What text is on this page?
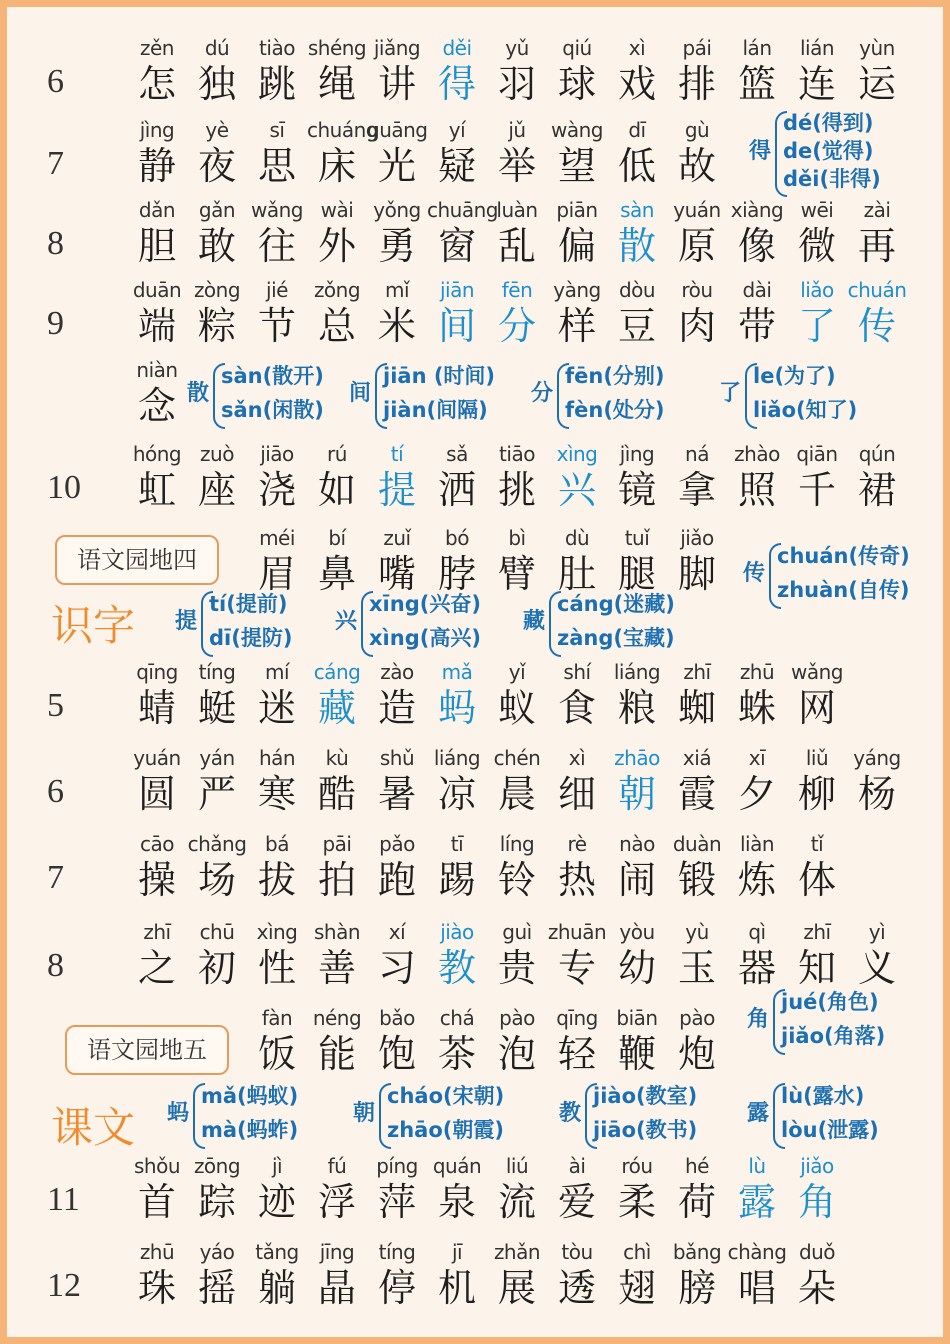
语文园地四
识字
语文园地五
课文
6
zěn
怎
dú
独
tiào
跳
shéng
绳
jiǎng
讲
děi
得
yǔ
羽
qiú
球
xì
戏
pái
排
lán
篮
lián
连
yùn
运
7
jìng
静
yè
夜
sī
思
chuáng
床
guāng
光
yí
疑
jǔ
举
wàng
望
dī
低
gù
故
8
dǎn
胆
gǎn
敢
wǎng
往
wài
外
yǒng
勇
chuāng
窗
luàn
乱
piān
偏
sàn
散
yuán
原
xiàng
像
wēi
微
zài
再
9
duān
端
zòng
粽
jié
节
zǒng
总
mǐ
米
jiān
间
fēn
分
yàng
样
dòu
豆
ròu
肉
dài
带
liǎo
了
chuán
传
niàn
念
10
hóng
虹
zuò
座
jiāo
浇
rú
如
tí
提
sǎ
洒
tiāo
挑
xìng
兴
jìng
镜
ná
拿
zhào
照
qiān
千
qún
裙
méi
眉
bí
鼻
zuǐ
嘴
bó
脖
bì
臂
dù
肚
tuǐ
腿
jiǎo
脚
5
qīng
蜻
tíng
蜓
mí
迷
cáng
藏
zào
造
mǎ
蚂
yǐ
蚁
shí
食
liáng
粮
zhī
蜘
zhū
蛛
wǎng
网
6
yuán
圆
yán
严
hán
寒
kù
酷
shǔ
暑
liáng
凉
chén
晨
xì
细
zhāo
朝
xiá
霞
xī
夕
liǔ
柳
yáng
杨
7
cāo
操
chǎng
场
bá
拔
pāi
拍
pǎo
跑
tī
踢
líng
铃
rè
热
nào
闹
duàn
锻
liàn
炼
tǐ
体
8
zhī
之
chū
初
xìng
性
shàn
善
xí
习
jiào
教
guì
贵
zhuān
专
yòu
幼
yù
玉
qì
器
zhī
知
yì
义
fàn
饭
néng
能
bǎo
饱
chá
茶
pào
泡
qīng
轻
biān
鞭
pào
炮
11
shǒu
首
zōng
踪
jì
迹
fú
浮
píng
萍
quán
泉
liú
流
ài
爱
róu
柔
hé
荷
lù
露
jiǎo
角
12
zhū
珠
yáo
摇
tǎng
躺
jīng
晶
tíng
停
jī
机
zhǎn
展
tòu
透
chì
翅
bǎng
膀
chàng
唱
duǒ
朵
得
dé(得到)
de(觉得)
děi(非得)
散
sàn(散开)
sǎn(闲散)
间
jiān (时间)
jiàn(间隔)
分
fēn(分别)
fèn(处分)
了
le(为了)
liǎo(知了)
传
chuán(传奇)
zhuàn(自传)
提
tí(提前)
dī(提防)
兴
xīng(兴奋)
xìng(高兴)
藏
cáng(迷藏)
zàng(宝藏)
角
jué(角色)
jiǎo(角落)
蚂
mǎ(蚂蚁)
mà(蚂蚱)
朝
cháo(宋朝)
zhāo(朝霞)
教
jiào(教室)
jiāo(教书)
露
lù(露水)
lòu(泄露)
